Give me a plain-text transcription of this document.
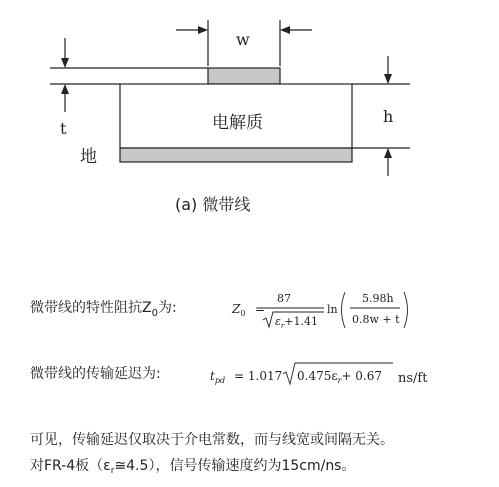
w
电解质
地
t
h
(a) 微带线
微带线的特性阻抗$Z_0$为:	$Z_0$ =
87
$\varepsilon_r+1.41$
ln
5.98h
0.8w + t
微带线的传输延迟为:	$t_{pd} = 1.017$ $0.475\varepsilon_r+ 0.67$ ns/ft
可见，传输延迟仅取决于介电常数，而与线宽或间隔无关。
对FR-4板$(\varepsilon_r≅4.5)$，信号传输速度约为15cm/ns。
